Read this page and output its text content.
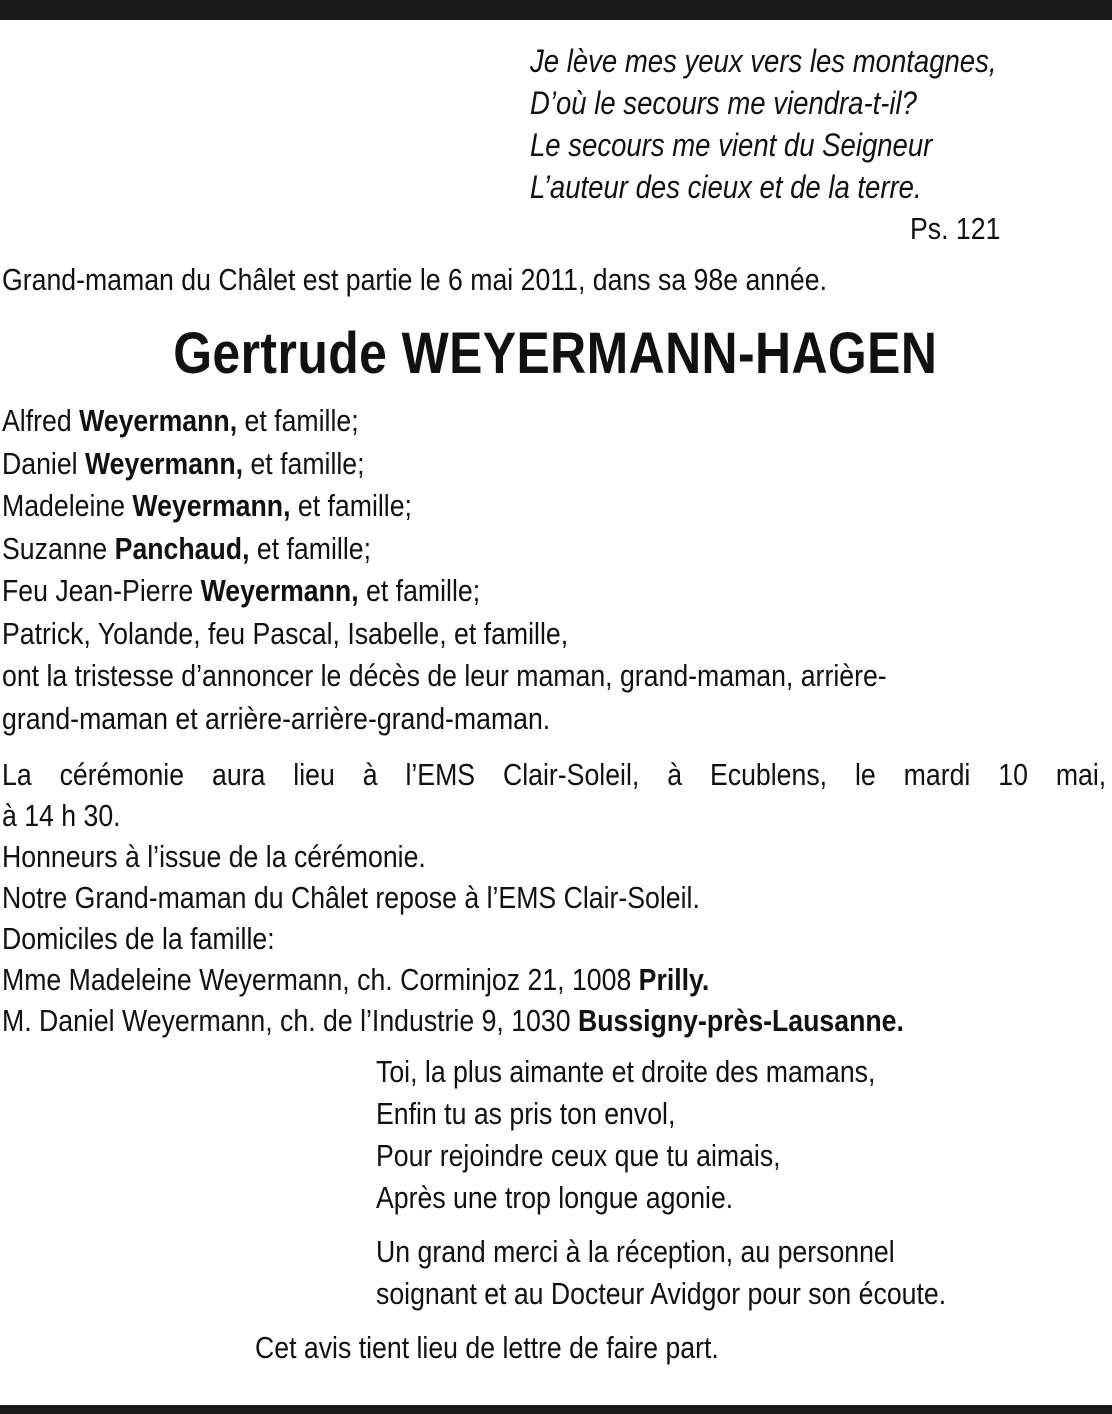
Je lève mes yeux vers les montagnes,
D’où le secours me viendra-t-il?
Le secours me vient du Seigneur
L’auteur des cieux et de la terre.
Ps. 121
Grand-maman du Châlet est partie le 6 mai 2011, dans sa 98e année.
Gertrude WEYERMANN-HAGEN
Alfred Weyermann, et famille;
Daniel Weyermann, et famille;
Madeleine Weyermann, et famille;
Suzanne Panchaud, et famille;
Feu Jean-Pierre Weyermann, et famille;
Patrick, Yolande, feu Pascal, Isabelle, et famille,
ont la tristesse d’annoncer le décès de leur maman, grand-maman, arrière-
grand-maman et arrière-arrière-grand-maman.
La cérémonie aura lieu à l’EMS Clair-Soleil, à Ecublens, le mardi 10 mai,
à 14 h 30.
Honneurs à l’issue de la cérémonie.
Notre Grand-maman du Châlet repose à l’EMS Clair-Soleil.
Domiciles de la famille:
Mme Madeleine Weyermann, ch. Corminjoz 21, 1008 Prilly.
M. Daniel Weyermann, ch. de l’Industrie 9, 1030 Bussigny-près-Lausanne.
Toi, la plus aimante et droite des mamans,
Enfin tu as pris ton envol,
Pour rejoindre ceux que tu aimais,
Après une trop longue agonie.
Un grand merci à la réception, au personnel
soignant et au Docteur Avidgor pour son écoute.
Cet avis tient lieu de lettre de faire part.
